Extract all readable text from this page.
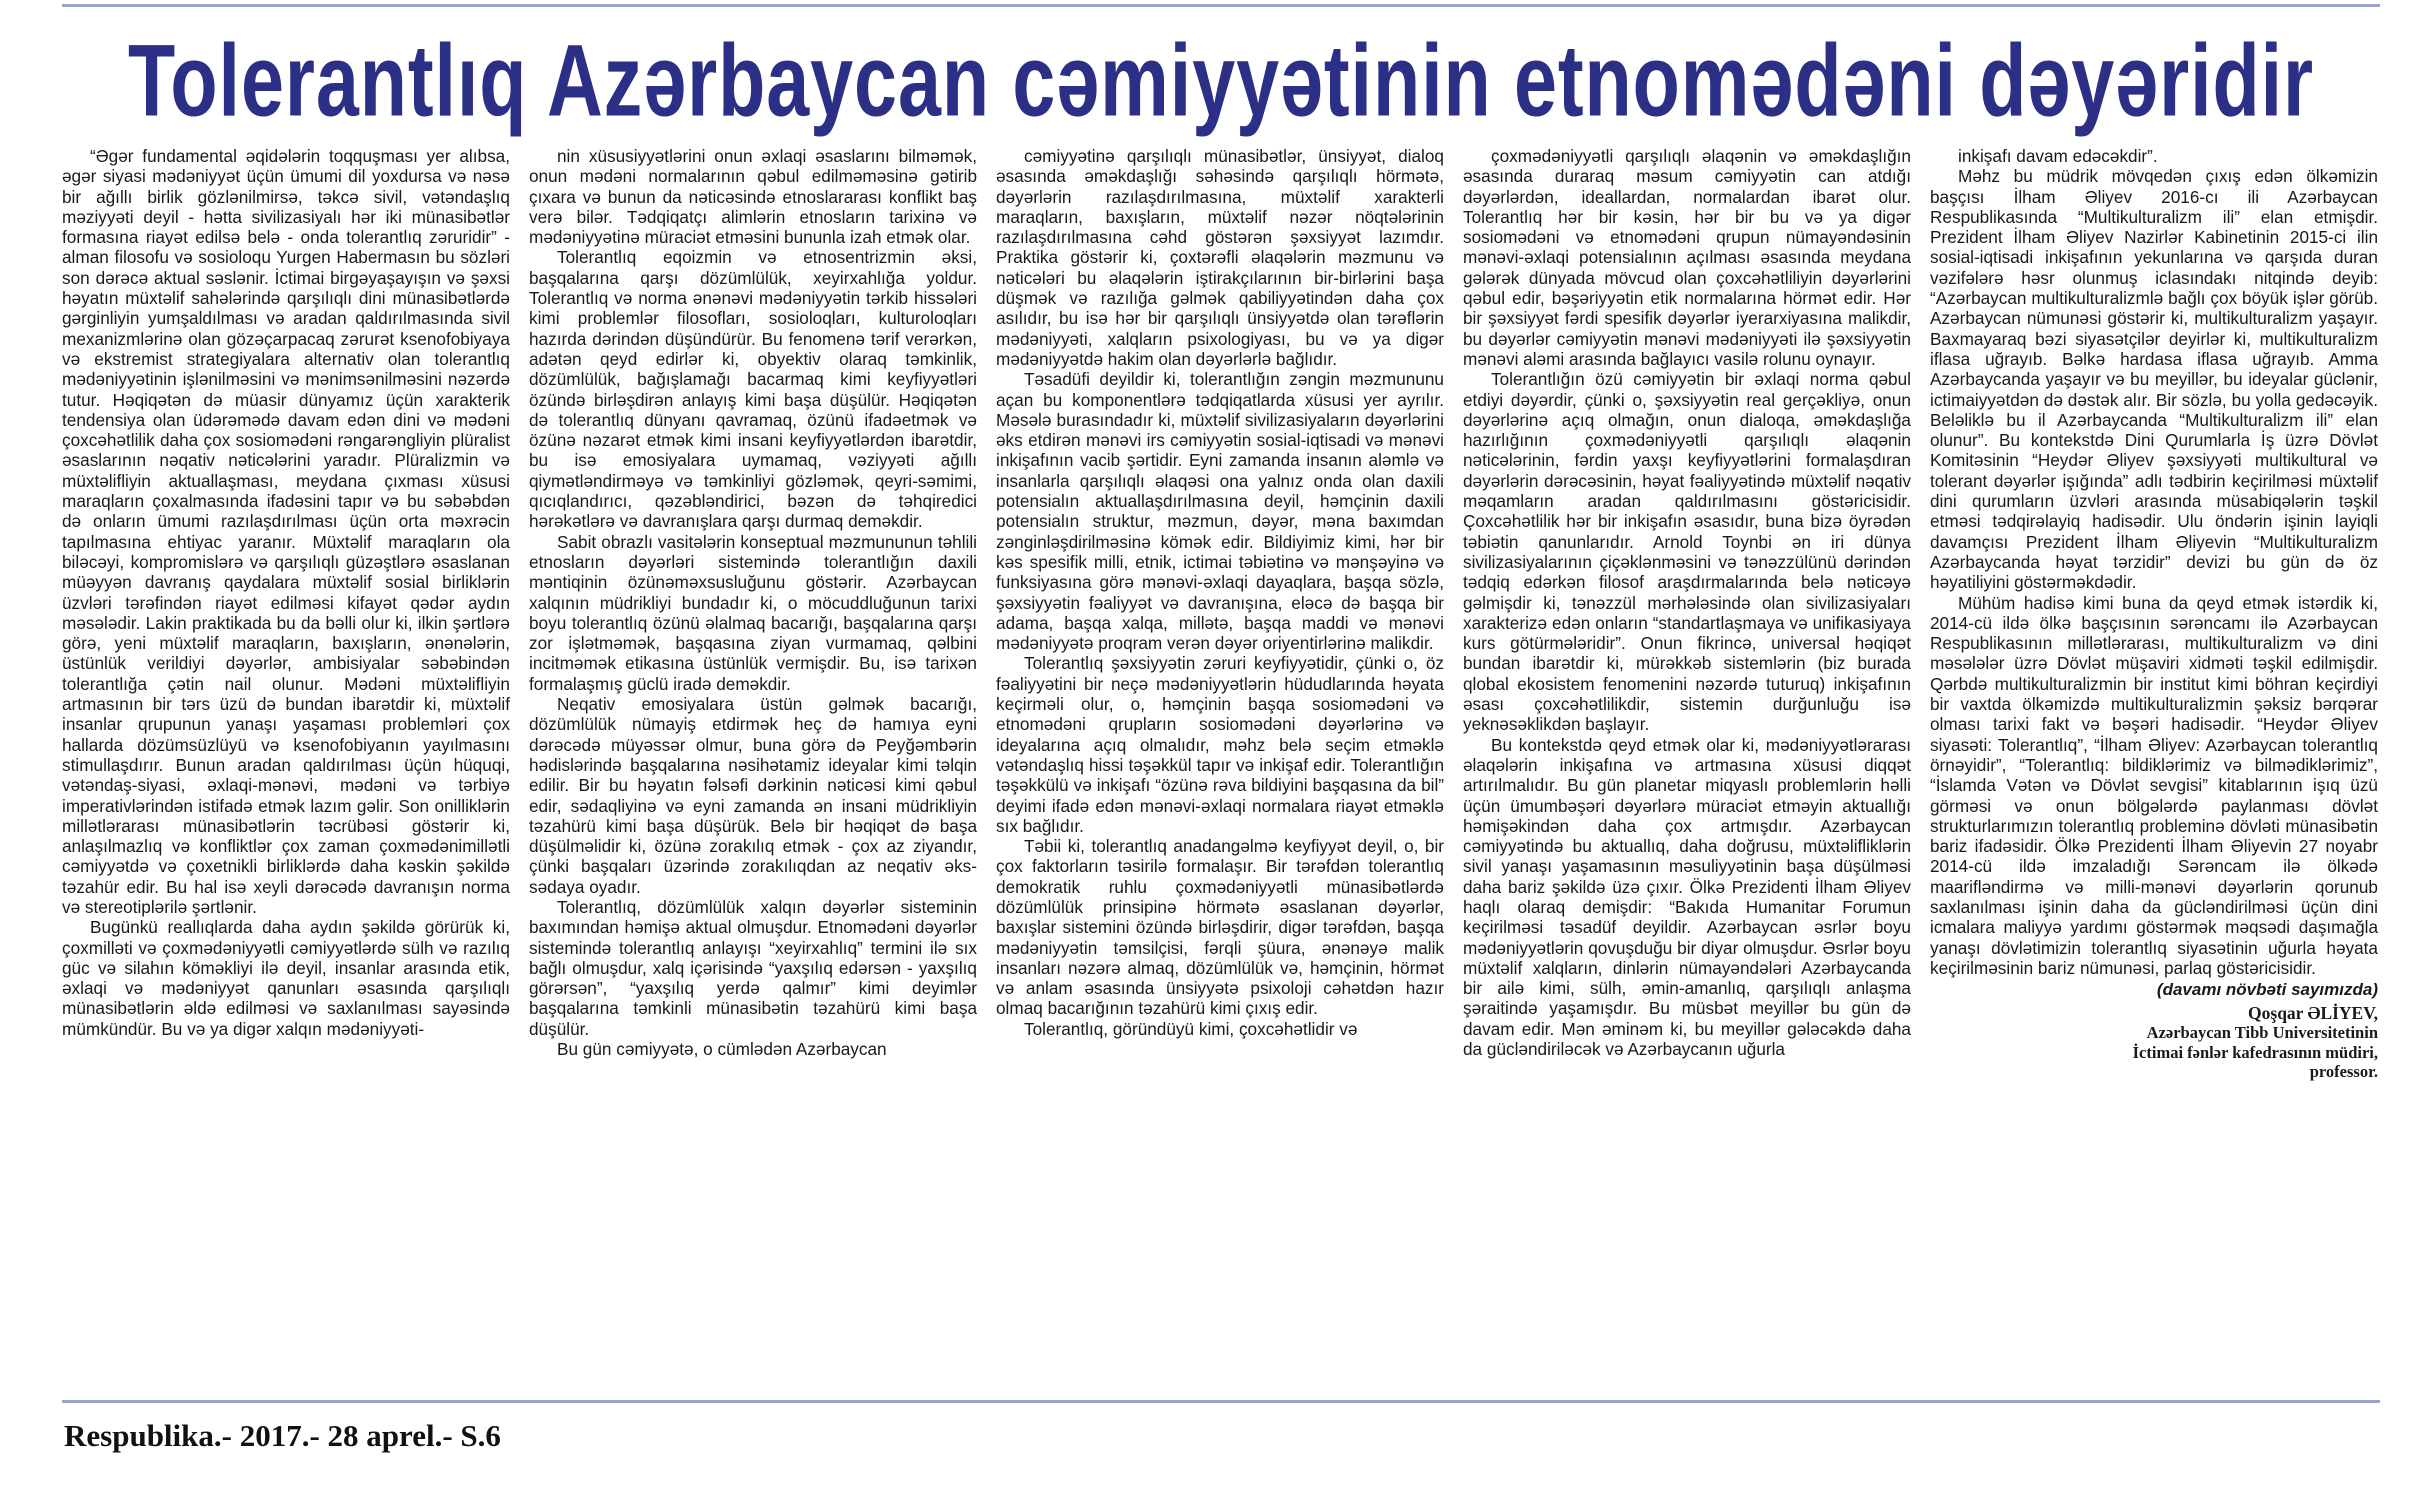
Tolerantlıq Azərbaycan cəmiyyətinin etnomədəni dəyəridir

“Əgər fundamental əqidələrin toqquşması yer alıbsa, əgər siyasi mədəniyyət üçün ümumi dil yoxdursa və nəsə bir ağıllı birlik gözlənilmirsə, təkcə sivil, vətəndaşlıq məziyyəti deyil - hətta sivilizasiyalı hər iki münasibətlər formasına riayət edilsə belə - onda tolerantlıq zəruridir” - alman filosofu və sosioloqu Yurgen Habermasın bu sözləri son dərəcə aktual səslənir. İctimai birgəyaşayışın və şəxsi həyatın müxtəlif sahələrində qarşılıqlı dini münasibətlərdə gərginliyin yumşaldılması və aradan qaldırılmasında sivil mexanizmlərinə olan gözəçarpacaq zərurət ksenofobiyaya və ekstremist strategiyalara alternativ olan tolerantlıq mədəniyyətinin işlənilməsini və mənimsənilməsini nəzərdə tutur. Həqiqətən də müasir dünyamız üçün xarakterik tendensiya olan üdərəmədə davam edən dini və mədəni çoxcəhətlilik daha çox sosiomədəni rəngarəngliyin plüralist əsaslarının nəqativ nəticələrini yaradır. Plüralizmin və müxtəlifliyin aktuallaşması, meydana çıxması xüsusi maraqların çoxalmasında ifadəsini tapır və bu səbəbdən də onların ümumi razılaşdırılması üçün orta məxrəcin tapılmasına ehtiyac yaranır. Müxtəlif maraqların ola biləcəyi, kompromislərə və qarşılıqlı güzəştlərə əsaslanan müəyyən davranış qaydalara müxtəlif sosial birliklərin üzvləri tərəfindən riayət edilməsi kifayət qədər aydın məsələdir. Lakin praktikada bu da bəlli olur ki, ilkin şərtlərə görə, yeni müxtəlif maraqların, baxışların, ənənələrin, üstünlük verildiyi dəyərlər, ambisiyalar səbəbindən tolerantlığa çətin nail olunur. Mədəni müxtəlifliyin artmasının bir tərs üzü də bundan ibarətdir ki, müxtəlif insanlar qrupunun yanaşı yaşaması problemləri çox hallarda dözümsüzlüyü və ksenofobiyanın yayılmasını stimullaşdırır. Bunun aradan qaldırılması üçün hüquqi, vətəndaş-siyasi, əxlaqi-mənəvi, mədəni və tərbiyə imperativlərindən istifadə etmək lazım gəlir. Son onilliklərin millətlərarası münasibətlərin təcrübəsi göstərir ki, anlaşılmazlıq və konfliktlər çox zaman çoxmədənimillətli cəmiyyətdə və çoxetnikli birliklərdə daha kəskin şəkildə təzahür edir. Bu hal isə xeyli dərəcədə davranışın norma və stereotiplərilə şərtlənir.

Bugünkü reallıqlarda daha aydın şəkildə görürük ki, çoxmilləti və çoxmədəniyyətli cəmiyyətlərdə sülh və razılıq güc və silahın köməkliyi ilə deyil, insanlar arasında etik, əxlaqi və mədəniyyət qanunları əsasında qarşılıqlı münasibətlərin əldə edilməsi və saxlanılması sayəsində mümkündür. Bu və ya digər xalqın mədəniyyəti-

nin xüsusiyyətlərini onun əxlaqi əsaslarını bilməmək, onun mədəni normalarının qəbul edilməməsinə gətirib çıxara və bunun da nəticəsində etnoslararası konflikt baş verə bilər. Tədqiqatçı alimlərin etnosların tarixinə və mədəniyyətinə müraciət etməsini bununla izah etmək olar.

Tolerantlıq eqoizmin və etnosentrizmin əksi, başqalarına qarşı dözümlülük, xeyirxahlığa yoldur. Tolerantlıq və norma ənənəvi mədəniyyətin tərkib hissələri kimi problemlər filosofları, sosioloqları, kulturoloqları hazırda dərindən düşündürür. Bu fenomenə tərif verərkən, adətən qeyd edirlər ki, obyektiv olaraq təmkinlik, dözümlülük, bağışlamağı bacarmaq kimi keyfiyyətləri özündə birləşdirən anlayış kimi başa düşülür. Həqiqətən də tolerantlıq dünyanı qavramaq, özünü ifadəetmək və özünə nəzarət etmək kimi insani keyfiyyətlərdən ibarətdir, bu isə emosiyalara uymamaq, vəziyyəti ağıllı qiymətləndirməyə və təmkinliyi gözləmək, qeyri-səmimi, qıcıqlandırıcı, qəzəbləndirici, bəzən də təhqiredici hərəkətlərə və davranışlara qarşı durmaq deməkdir.

Sabit obrazlı vasitələrin konseptual məzmununun təhlili etnosların dəyərləri sistemində tolerantlığın daxili məntiqinin özünəməxsusluğunu göstərir. Azərbaycan xalqının müdrikliyi bundadır ki, o möcuddluğunun tarixi boyu tolerantlıq özünü əlalmaq bacarığı, başqalarına qarşı zor işlətməmək, başqasına ziyan vurmamaq, qəlbini incitməmək etikasına üstünlük vermişdir. Bu, isə tarixən formalaşmış güclü iradə deməkdir.

Neqativ emosiyalara üstün gəlmək bacarığı, dözümlülük nümayiş etdirmək heç də hamıya eyni dərəcədə müyəssər olmur, buna görə də Peyğəmbərin hədislərində başqalarına nəsihətamiz ideyalar kimi təlqin edilir. Bir bu həyatın fəlsəfi dərkinin nəticəsi kimi qəbul edir, sədaqliyinə və eyni zamanda ən insani müdrikliyin təzahürü kimi başa düşürük. Belə bir həqiqət də başa düşülməlidir ki, özünə zorakılıq etmək - çox az ziyandır, çünki başqaları üzərində zorakılıqdan az neqativ əks-sədaya oyadır.

Tolerantlıq, dözümlülük xalqın dəyərlər sisteminin baxımından həmişə aktual olmuşdur. Etnomədəni dəyərlər sistemində tolerantlıq anlayışı “xeyirxahlıq” termini ilə sıx bağlı olmuşdur, xalq içərisində “yaxşılıq edərsən - yaxşılıq görərsən”, “yaxşılıq yerdə qalmır” kimi deyimlər başqalarına təmkinli münasibətin təzahürü kimi başa düşülür.

Bu gün cəmiyyətə, o cümlədən Azərbaycan

cəmiyyətinə qarşılıqlı münasibətlər, ünsiyyət, dialoq əsasında əməkdaşlığı səhəsində qarşılıqlı hörmətə, dəyərlərin razılaşdırılmasına, müxtəlif xarakterli maraqların, baxışların, müxtəlif nəzər nöqtələrinin razılaşdırılmasına cəhd göstərən şəxsiyyət lazımdır. Praktika göstərir ki, çoxtərəfli əlaqələrin məzmunu və nəticələri bu əlaqələrin iştirakçılarının bir-birlərini başa düşmək və razılığa gəlmək qabiliyyətindən daha çox asılıdır, bu isə hər bir qarşılıqlı ünsiyyətdə olan tərəflərin mədəniyyəti, xalqların psixologiyası, bu və ya digər mədəniyyətdə hakim olan dəyərlərlə bağlıdır.

Təsadüfi deyildir ki, tolerantlığın zəngin məzmununu açan bu komponentlərə tədqiqatlarda xüsusi yer ayrılır. Məsələ burasındadır ki, müxtəlif sivilizasiyaların dəyərlərini əks etdirən mənəvi irs cəmiyyətin sosial-iqtisadi və mənəvi inkişafının vacib şərtidir. Eyni zamanda insanın aləmlə və insanlarla qarşılıqlı əlaqəsi ona yalnız onda olan daxili potensialın aktuallaşdırılmasına deyil, həmçinin daxili potensialın struktur, məzmun, dəyər, məna baxımdan zənginləşdirilməsinə kömək edir. Bildiyimiz kimi, hər bir kəs spesifik milli, etnik, ictimai təbiətinə və mənşəyinə və funksiyasına görə mənəvi-əxlaqi dayaqlara, başqa sözlə, şəxsiyyətin fəaliyyət və davranışına, eləcə də başqa bir adama, başqa xalqa, millətə, başqa maddi və mənəvi mədəniyyətə proqram verən dəyər oriyentirlərinə malikdir.

Tolerantlıq şəxsiyyətin zəruri keyfiyyətidir, çünki o, öz fəaliyyətini bir neçə mədəniyyətlərin hüdudlarında həyata keçirməli olur, o, həmçinin başqa sosiomədəni və etnomədəni qrupların sosiomədəni dəyərlərinə və ideyalarına açıq olmalıdır, məhz belə seçim etməklə vətəndaşlıq hissi təşəkkül tapır və inkişaf edir. Tolerantlığın təşəkkülü və inkişafı “özünə rəva bildiyini başqasına da bil” deyimi ifadə edən mənəvi-əxlaqi normalara riayət etməklə sıx bağlıdır.

Təbii ki, tolerantlıq anadangəlmə keyfiyyət deyil, o, bir çox faktorların təsirilə formalaşır. Bir tərəfdən tolerantlıq demokratik ruhlu çoxmədəniyyətli münasibətlərdə dözümlülük prinsipinə hörmətə əsaslanan dəyərlər, baxışlar sistemini özündə birləşdirir, digər tərəfdən, başqa mədəniyyətin təmsilçisi, fərqli şüura, ənənəyə malik insanları nəzərə almaq, dözümlülük və, həmçinin, hörmət və anlam əsasında ünsiyyətə psixoloji cəhətdən hazır olmaq bacarığının təzahürü kimi çıxış edir.

Tolerantlıq, göründüyü kimi, çoxcəhətlidir və

çoxmədəniyyətli qarşılıqlı əlaqənin və əməkdaşlığın əsasında duraraq məsum cəmiyyətin can atdığı dəyərlərdən, ideallardan, normalardan ibarət olur. Tolerantlıq hər bir kəsin, hər bir bu və ya digər sosiomədəni və etnomədəni qrupun nümayəndəsinin mənəvi-əxlaqi potensialının açılması əsasında meydana gələrək dünyada mövcud olan çoxcəhətliliyin dəyərlərini qəbul edir, bəşəriyyətin etik normalarına hörmət edir. Hər bir şəxsiyyət fərdi spesifik dəyərlər iyerarxiyasına malikdir, bu dəyərlər cəmiyyətin mənəvi mədəniyyəti ilə şəxsiyyətin mənəvi aləmi arasında bağlayıcı vasilə rolunu oynayır.

Tolerantlığın özü cəmiyyətin bir əxlaqi norma qəbul etdiyi dəyərdir, çünki o, şəxsiyyətin real gerçəkliyə, onun dəyərlərinə açıq olmağın, onun dialoqa, əməkdaşlığa hazırlığının çoxmədəniyyətli qarşılıqlı əlaqənin nəticələrinin, fərdin yaxşı keyfiyyətlərini formalaşdıran dəyərlərin dərəcəsinin, həyat fəaliyyətində müxtəlif nəqativ məqamların aradan qaldırılmasını göstəricisidir. Çoxcəhətlilik hər bir inkişafın əsasıdır, buna bizə öyrədən təbiətin qanunlarıdır. Arnold Toynbi ən iri dünya sivilizasiyalarının çiçəklənməsini və tənəzzülünü dərindən tədqiq edərkən filosof araşdırmalarında belə nəticəyə gəlmişdir ki, tənəzzül mərhələsində olan sivilizasiyaları xarakterizə edən onların “standartlaşmaya və unifikasiyaya kurs götürmələridir”. Onun fikrincə, universal həqiqət bundan ibarətdir ki, mürəkkəb sistemlərin (biz burada qlobal ekosistem fenomenini nəzərdə tuturuq) inkişafının əsası çoxcəhətlilikdir, sistemin durğunluğu isə yeknəsəklikdən başlayır.

Bu kontekstdə qeyd etmək olar ki, mədəniyyətlərarası əlaqələrin inkişafına və artmasına xüsusi diqqət artırılmalıdır. Bu gün planetar miqyaslı problemlərin həlli üçün ümumbəşəri dəyərlərə müraciət etməyin aktuallığı həmişəkindən daha çox artmışdır. Azərbaycan cəmiyyətində bu aktuallıq, daha doğrusu, müxtəlifliklərin sivil yanaşı yaşamasının məsuliyyətinin başa düşülməsi daha bariz şəkildə üzə çıxır. Ölkə Prezidenti İlham Əliyev haqlı olaraq demişdir: “Bakıda Humanitar Forumun keçirilməsi təsadüf deyildir. Azərbaycan əsrlər boyu mədəniyyətlərin qovuşduğu bir diyar olmuşdur. Əsrlər boyu müxtəlif xalqların, dinlərin nümayəndələri Azərbaycanda bir ailə kimi, sülh, əmin-amanlıq, qarşılıqlı anlaşma şəraitində yaşamışdır. Bu müsbət meyillər bu gün də davam edir. Mən əminəm ki, bu meyillər gələcəkdə daha da gücləndiriləcək və Azərbaycanın uğurla

inkişafı davam edəcəkdir”.

Məhz bu müdrik mövqedən çıxış edən ölkəmizin başçısı İlham Əliyev 2016-cı ili Azərbaycan Respublikasında “Multikulturalizm ili” elan etmişdir. Prezident İlham Əliyev Nazirlər Kabinetinin 2015-ci ilin sosial-iqtisadi inkişafının yekunlarına və qarşıda duran vəzifələrə həsr olunmuş iclasındakı nitqində deyib: “Azərbaycan multikulturalizmlə bağlı çox böyük işlər görüb. Azərbaycan nümunəsi göstərir ki, multikulturalizm yaşayır. Baxmayaraq bəzi siyasətçilər deyirlər ki, multikulturalizm iflasa uğrayıb. Bəlkə hardasa iflasa uğrayıb. Amma Azərbaycanda yaşayır və bu meyillər, bu ideyalar güclənir, ictimaiyyətdən də dəstək alır. Bir sözlə, bu yolla gedəcəyik. Beləliklə bu il Azərbaycanda “Multikulturalizm ili” elan olunur”. Bu kontekstdə Dini Qurumlarla İş üzrə Dövlət Komitəsinin “Heydər Əliyev şəxsiyyəti multikultural və tolerant dəyərlər işığında” adlı tədbirin keçirilməsi müxtəlif dini qurumların üzvləri arasında müsabiqələrin təşkil etməsi tədqirəlayiq hadisədir. Ulu öndərin işinin layiqli davamçısı Prezident İlham Əliyevin “Multikulturalizm Azərbaycanda həyat tərzidir” devizi bu gün də öz həyatiliyini göstərməkdədir.

Mühüm hadisə kimi buna da qeyd etmək istərdik ki, 2014-cü ildə ölkə başçısının sərəncamı ilə Azərbaycan Respublikasının millətlərarası, multikulturalizm və dini məsələlər üzrə Dövlət müşaviri xidməti təşkil edilmişdir. Qərbdə multikulturalizmin bir institut kimi böhran keçirdiyi bir vaxtda ölkəmizdə multikulturalizmin şəksiz bərqərar olması tarixi fakt və bəşəri hadisədir. “Heydər Əliyev siyasəti: Tolerantlıq”, “İlham Əliyev: Azərbaycan tolerantlıq örnəyidir”, “Tolerantlıq: bildiklərimiz və bilmədiklərimiz”, “İslamda Vətən və Dövlət sevgisi” kitablarının işıq üzü görməsi və onun bölgələrdə paylanması dövlət strukturlarımızın tolerantlıq probleminə dövləti münasibətin bariz ifadəsidir. Ölkə Prezidenti İlham Əliyevin 27 noyabr 2014-cü ildə imzaladığı Sərəncam ilə ölkədə maarifləndirmə və milli-mənəvi dəyərlərin qorunub saxlanılması işinin daha da gücləndirilməsi üçün dini icmalara maliyyə yardımı göstərmək məqsədi daşımağla yanaşı dövlətimizin tolerantlıq siyasətinin uğurla həyata keçirilməsinin bariz nümunəsi, parlaq göstəricisidir.

(davamı növbəti sayımızda)
Qoşqar ƏLİYEV,
Azərbaycan Tibb Universitetinin
İctimai fənlər kafedrasının müdiri,
professor.
Respublika.- 2017.- 28 aprel.- S.6
